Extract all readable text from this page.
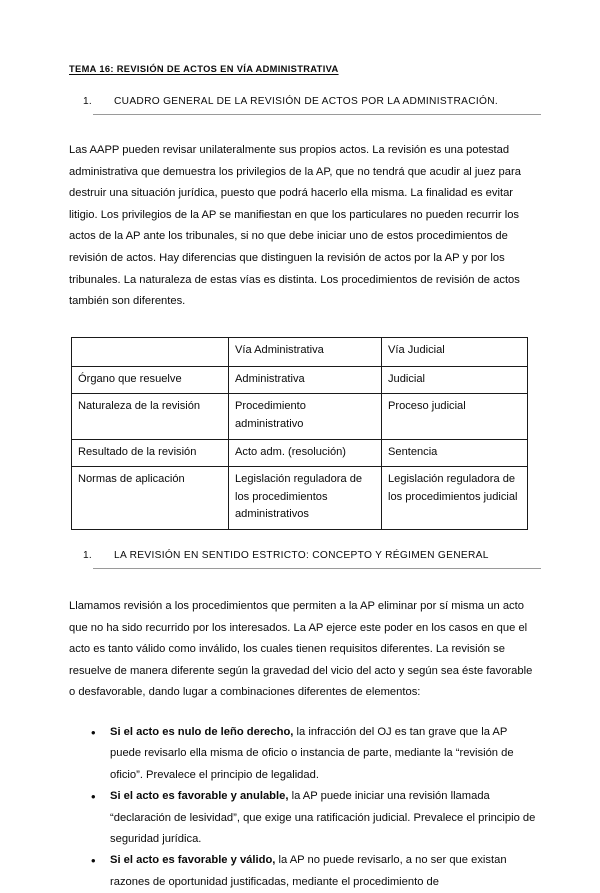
TEMA 16: REVISIÓN DE ACTOS EN VÍA ADMINISTRATIVA
1.	CUADRO GENERAL DE LA REVISIÓN DE ACTOS POR LA ADMINISTRACIÓN.

Las AAPP pueden revisar unilateralmente sus propios actos. La revisión es una potestad administrativa que demuestra los privilegios de la AP, que no tendrá que acudir al juez para destruir una situación jurídica, puesto que podrá hacerlo ella misma. La finalidad es evitar litigio. Los privilegios de la AP se manifiestan en que los particulares no pueden recurrir los actos de la AP ante los tribunales, si no que debe iniciar uno de estos procedimientos de revisión de actos. Hay diferencias que distinguen la revisión de actos por la AP y por los tribunales. La naturaleza de estas vías es distinta. Los procedimientos de revisión de actos también son diferentes.

	Vía Administrativa	Vía Judicial
Órgano que resuelve	Administrativa	Judicial
Naturaleza de la revisión	Procedimiento administrativo	Proceso judicial
Resultado de la revisión	Acto adm. (resolución)	Sentencia
Normas de aplicación	Legislación reguladora de los procedimientos administrativos	Legislación reguladora de los procedimientos judicial
1.	LA REVISIÓN EN SENTIDO ESTRICTO: CONCEPTO Y RÉGIMEN GENERAL

Llamamos revisión a los procedimientos que permiten a la AP eliminar por sí misma un acto que no ha sido recurrido por los interesados. La AP ejerce este poder en los casos en que el acto es tanto válido como inválido, los cuales tienen requisitos diferentes. La revisión se resuelve de manera diferente según la gravedad del vicio del acto y según sea éste favorable o desfavorable, dando lugar a combinaciones diferentes de elementos:

• Si el acto es nulo de leño derecho, la infracción del OJ es tan grave que la AP puede revisarlo ella misma de oficio o instancia de parte, mediante la “revisión de oficio”. Prevalece el principio de legalidad.
• Si el acto es favorable y anulable, la AP puede iniciar una revisión llamada “declaración de lesividad”, que exige una ratificación judicial. Prevalece el principio de seguridad jurídica.
• Si el acto es favorable y válido, la AP no puede revisarlo, a no ser que existan razones de oportunidad justificadas, mediante el procedimiento de
